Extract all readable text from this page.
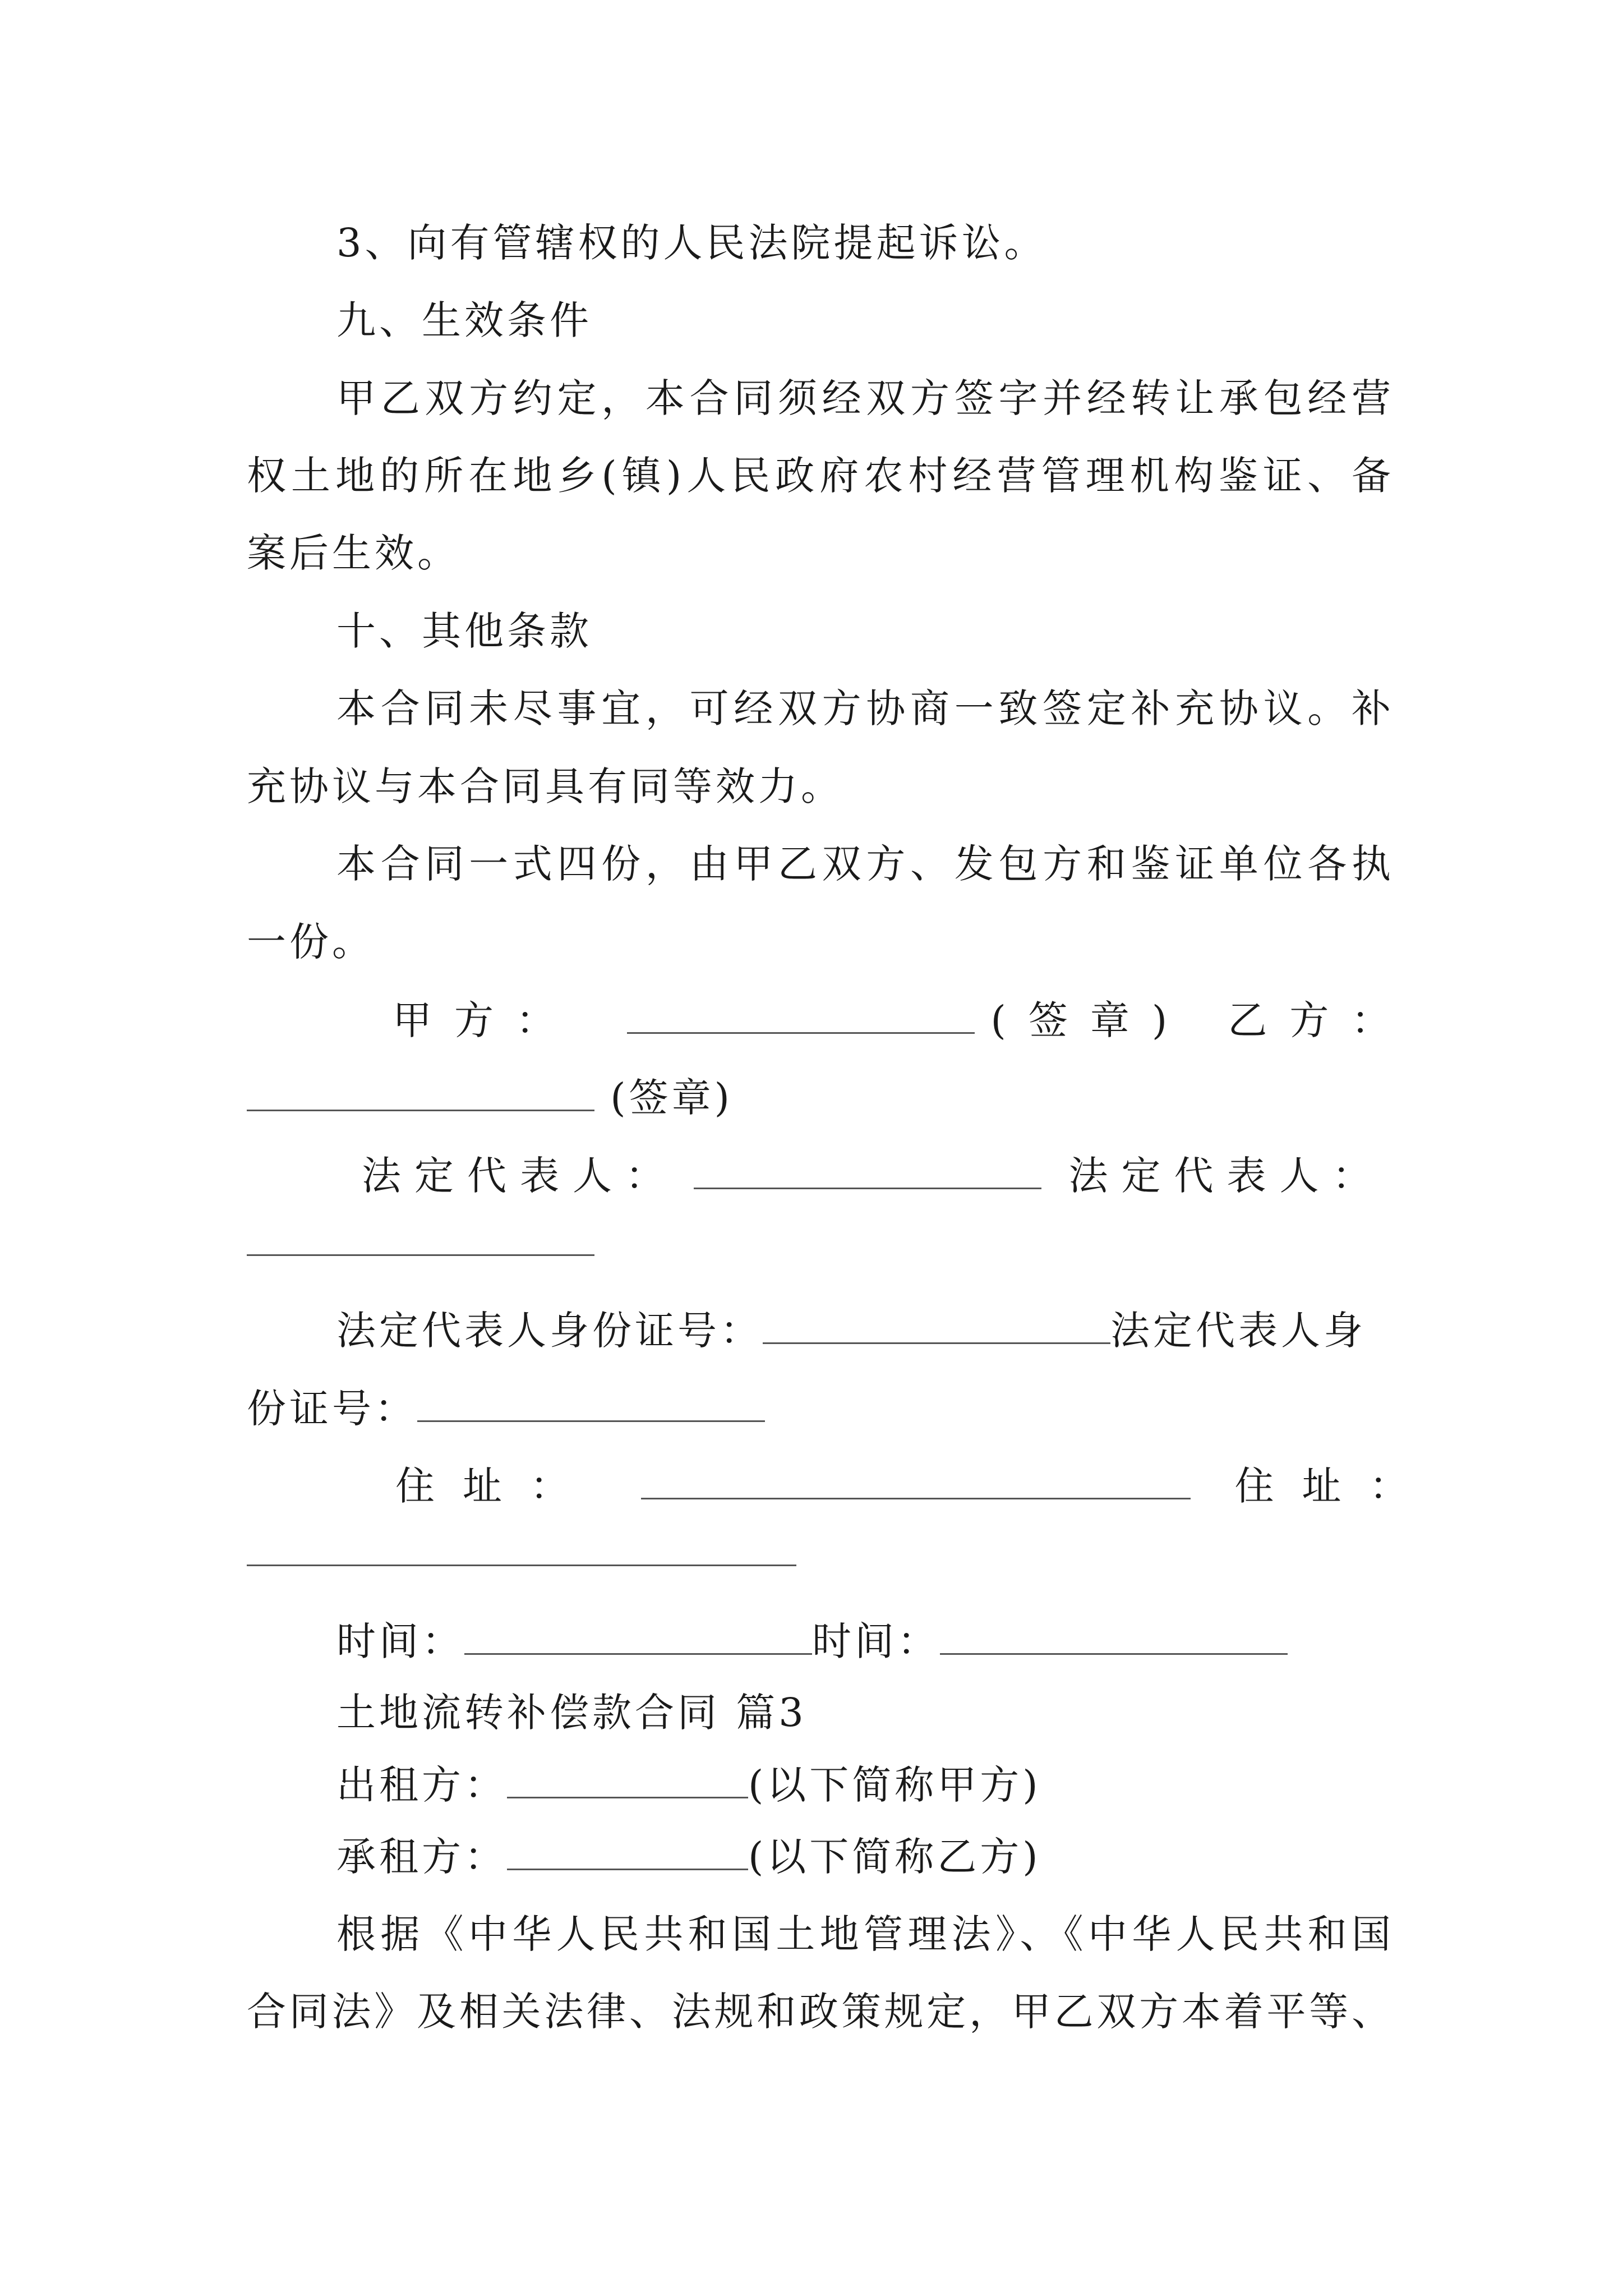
3、向有管辖权的人民法院提起诉讼。
九、生效条件
甲乙双方约定，本合同须经双方签字并经转让承包经营
权土地的所在地乡(镇)人民政府农村经营管理机构鉴证、备
案后生效。
十、其他条款
本合同未尽事宜，可经双方协商一致签定补充协议。补
充协议与本合同具有同等效力。
本合同一式四份，由甲乙双方、发包方和鉴证单位各执
一份。
甲方：	(签章) 乙方：
(签章)
法定代表人：	法定代表人：
法定代表人身份证号：	法定代表人身
份证号：
住址：	住址：
时间：	时间：
土地流转补偿款合同 篇3
出租方：	(以下简称甲方)
承租方：	(以下简称乙方)
根据《中华人民共和国土地管理法》、《中华人民共和国
合同法》及相关法律、法规和政策规定，甲乙双方本着平等、
